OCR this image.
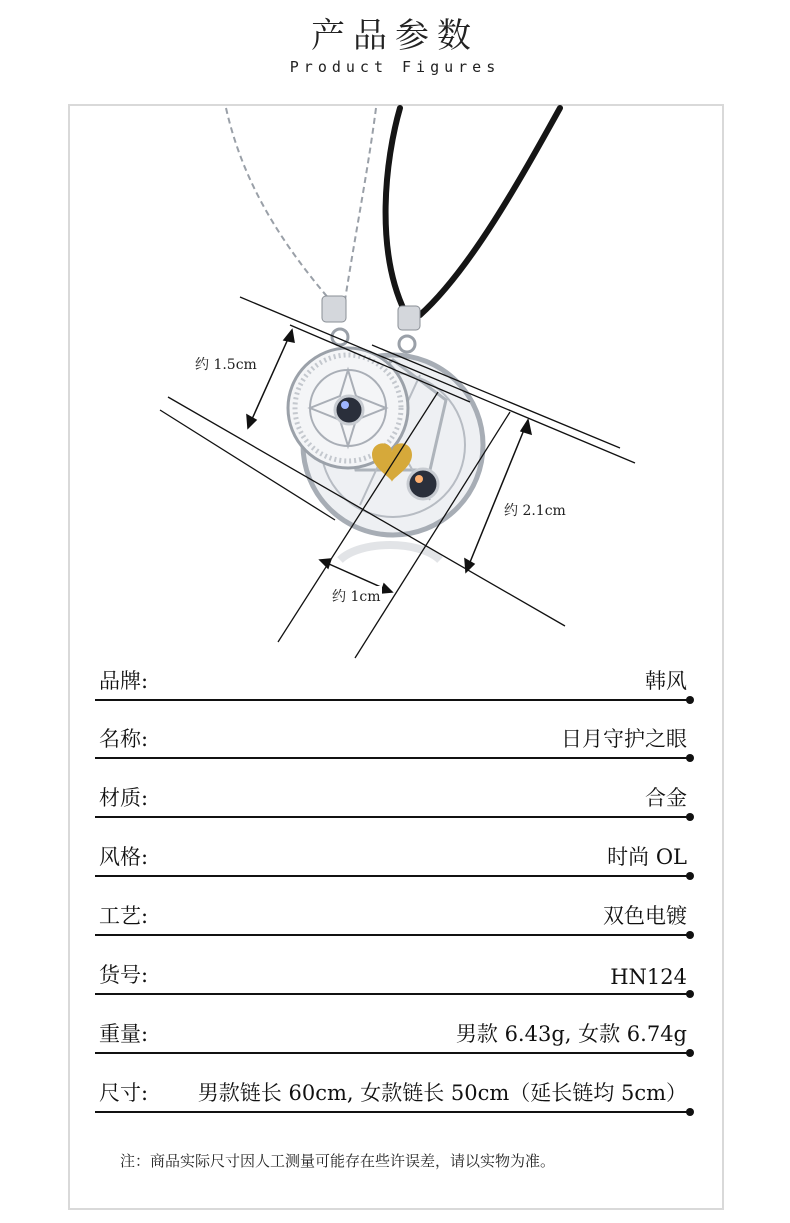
产品参数
Product Figures
约 1.5cm
约 2.1cm
约 1cm
品牌:	韩风
名称:	日月守护之眼
材质:	合金
风格:	时尚 OL
工艺:	双色电镀
货号:	HN124
重量:	男款 6.43g, 女款 6.74g
尺寸: 男款链长 60cm, 女款链长 50cm（延长链均 5cm）
注：商品实际尺寸因人工测量可能存在些许误差，请以实物为准。
